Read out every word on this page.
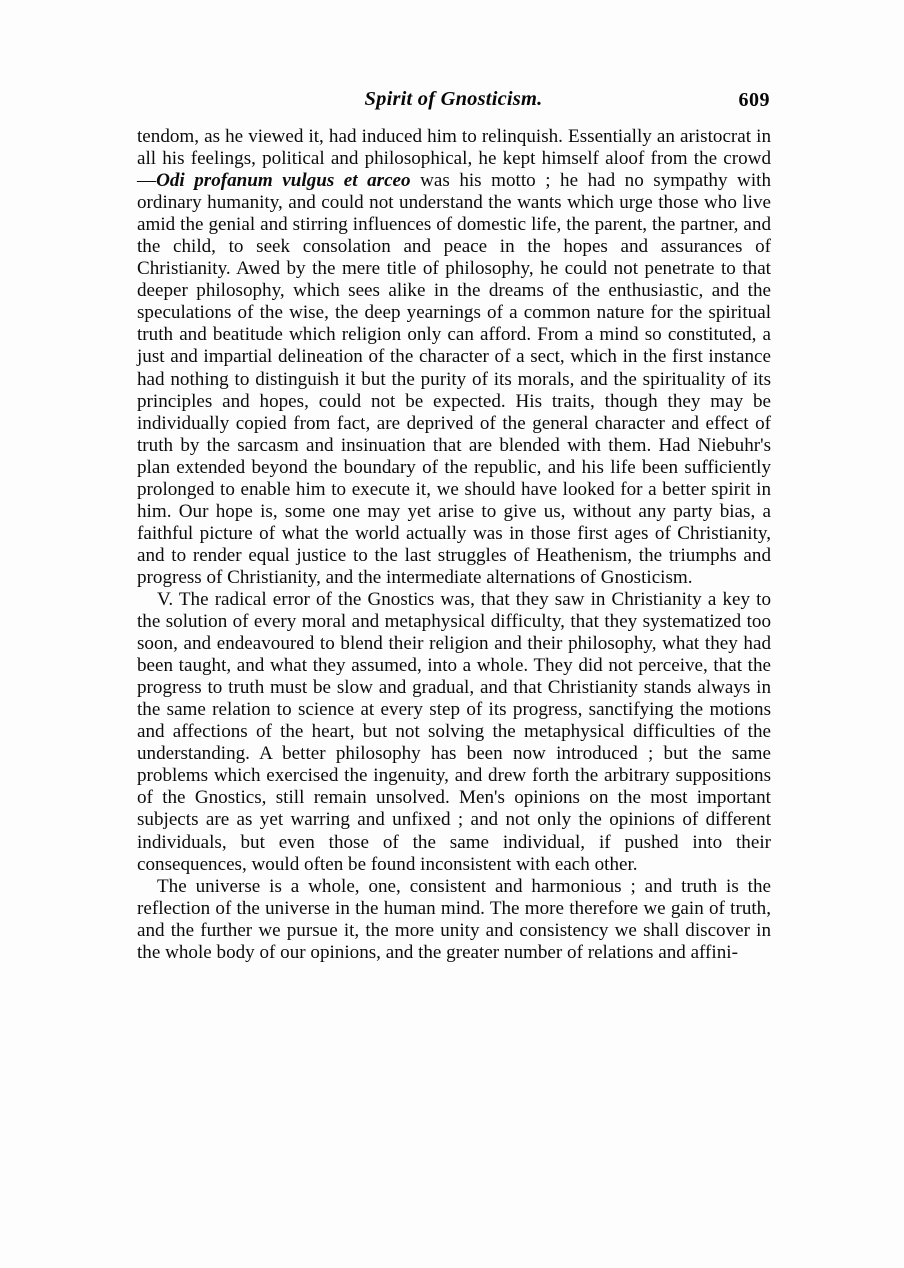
Spirit of Gnosticism.	609

tendom, as he viewed it, had induced him to relinquish. Essentially an aristocrat in all his feelings, political and philosophical, he kept himself aloof from the crowd—Odi profanum vulgus et arceo was his motto ; he had no sympathy with ordinary humanity, and could not understand the wants which urge those who live amid the genial and stirring influences of domestic life, the parent, the partner, and the child, to seek consolation and peace in the hopes and assurances of Christianity. Awed by the mere title of philosophy, he could not penetrate to that deeper philosophy, which sees alike in the dreams of the enthusiastic, and the speculations of the wise, the deep yearnings of a common nature for the spiritual truth and beatitude which religion only can afford. From a mind so constituted, a just and impartial delineation of the character of a sect, which in the first instance had nothing to distinguish it but the purity of its morals, and the spirituality of its principles and hopes, could not be expected. His traits, though they may be individually copied from fact, are deprived of the general character and effect of truth by the sarcasm and insinuation that are blended with them. Had Niebuhr's plan extended beyond the boundary of the republic, and his life been sufficiently prolonged to enable him to execute it, we should have looked for a better spirit in him. Our hope is, some one may yet arise to give us, without any party bias, a faithful picture of what the world actually was in those first ages of Christianity, and to render equal justice to the last struggles of Heathenism, the triumphs and progress of Christianity, and the intermediate alternations of Gnosticism.

V. The radical error of the Gnostics was, that they saw in Christianity a key to the solution of every moral and metaphysical difficulty, that they systematized too soon, and endeavoured to blend their religion and their philosophy, what they had been taught, and what they assumed, into a whole. They did not perceive, that the progress to truth must be slow and gradual, and that Christianity stands always in the same relation to science at every step of its progress, sanctifying the motions and affections of the heart, but not solving the metaphysical difficulties of the understanding. A better philosophy has been now introduced ; but the same problems which exercised the ingenuity, and drew forth the arbitrary suppositions of the Gnostics, still remain unsolved. Men's opinions on the most important subjects are as yet warring and unfixed ; and not only the opinions of different individuals, but even those of the same individual, if pushed into their consequences, would often be found inconsistent with each other.

The universe is a whole, one, consistent and harmonious ; and truth is the reflection of the universe in the human mind. The more therefore we gain of truth, and the further we pursue it, the more unity and consistency we shall discover in the whole body of our opinions, and the greater number of relations and affini-
